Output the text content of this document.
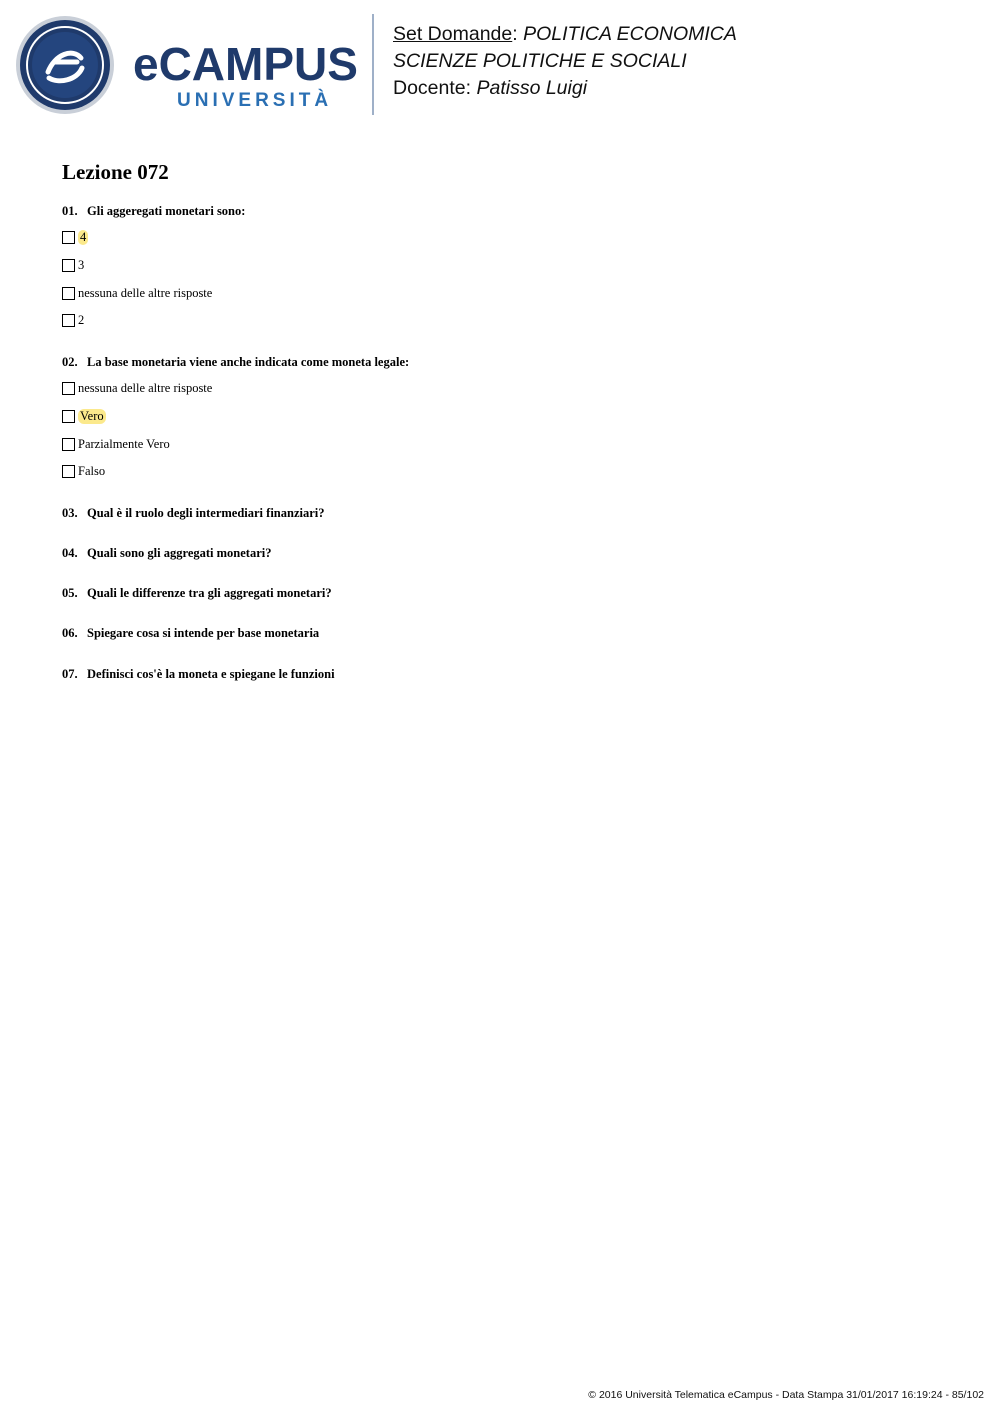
eCAMPUS
UNIVERSITÀ
Set Domande: POLITICA ECONOMICA
SCIENZE POLITICHE E SOCIALI
Docente: Patisso Luigi
Lezione 072
01. Gli aggeregati monetari sono:
4
3
nessuna delle altre risposte
2
02. La base monetaria viene anche indicata come moneta legale:
nessuna delle altre risposte
Vero
Parzialmente Vero
Falso
03. Qual è il ruolo degli intermediari finanziari?
04. Quali sono gli aggregati monetari?
05. Quali le differenze tra gli aggregati monetari?
06. Spiegare cosa si intende per base monetaria
07. Definisci cos'è la moneta e spiegane le funzioni
© 2016 Università Telematica eCampus - Data Stampa 31/01/2017 16:19:24 - 85/102
